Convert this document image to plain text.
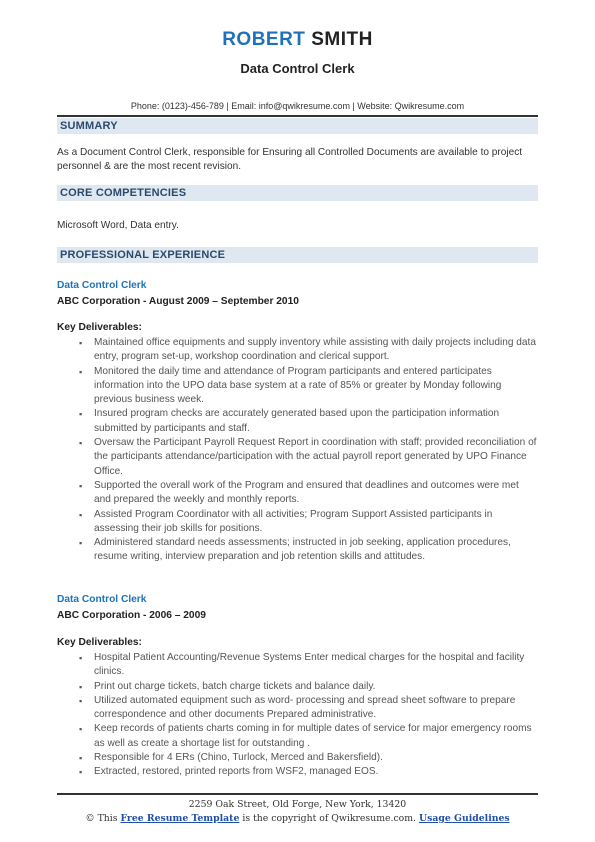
ROBERT SMITH
Data Control Clerk
Phone: (0123)-456-789 | Email: info@qwikresume.com | Website: Qwikresume.com
SUMMARY
As a Document Control Clerk, responsible for Ensuring all Controlled Documents are available to project personnel & are the most recent revision.
CORE COMPETENCIES
Microsoft Word, Data entry.
PROFESSIONAL EXPERIENCE
Data Control Clerk
ABC Corporation - August 2009 – September 2010
Key Deliverables:
▪ Maintained office equipments and supply inventory while assisting with daily projects including data entry, program set-up, workshop coordination and clerical support.
▪ Monitored the daily time and attendance of Program participants and entered participates information into the UPO data base system at a rate of 85% or greater by Monday following previous business week.
▪ Insured program checks are accurately generated based upon the participation information submitted by participants and staff.
▪ Oversaw the Participant Payroll Request Report in coordination with staff; provided reconciliation of the participants attendance/participation with the actual payroll report generated by UPO Finance Office.
▪ Supported the overall work of the Program and ensured that deadlines and outcomes were met and prepared the weekly and monthly reports.
▪ Assisted Program Coordinator with all activities; Program Support Assisted participants in assessing their job skills for positions.
▪ Administered standard needs assessments; instructed in job seeking, application procedures, resume writing, interview preparation and job retention skills and attitudes.
Data Control Clerk
ABC Corporation - 2006 – 2009
Key Deliverables:
▪ Hospital Patient Accounting/Revenue Systems Enter medical charges for the hospital and facility clinics.
▪ Print out charge tickets, batch charge tickets and balance daily.
▪ Utilized automated equipment such as word- processing and spread sheet software to prepare correspondence and other documents Prepared administrative.
▪ Keep records of patients charts coming in for multiple dates of service for major emergency rooms as well as create a shortage list for outstanding .
▪ Responsible for 4 ERs (Chino, Turlock, Merced and Bakersfield).
▪ Extracted, restored, printed reports from WSF2, managed EOS.
2259 Oak Street, Old Forge, New York, 13420
© This Free Resume Template is the copyright of Qwikresume.com. Usage Guidelines
